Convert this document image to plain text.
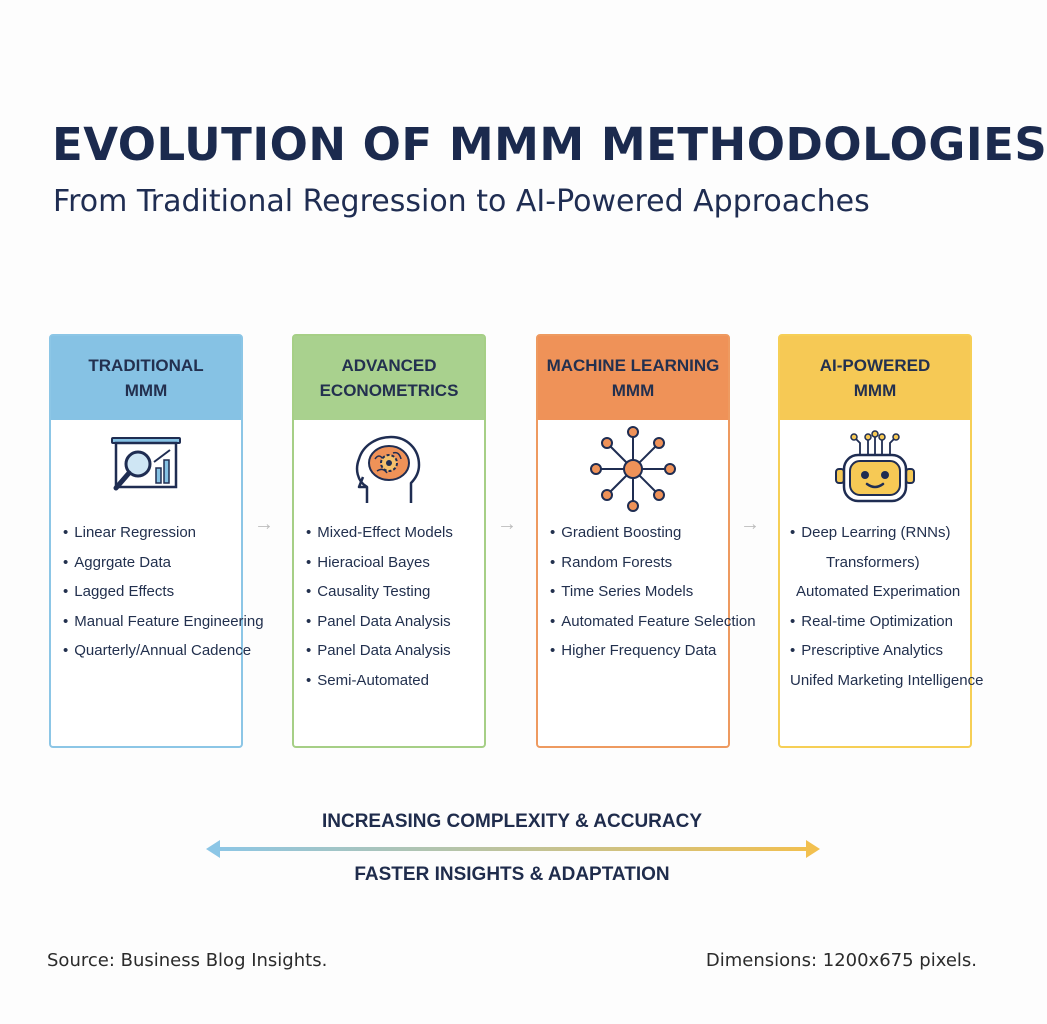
EVOLUTION OF MMM METHODOLOGIES

From Traditional Regression to AI-Powered Approaches

TRADITIONAL
MMM
• Linear Regression
• Aggrgate Data
• Lagged Effects
• Manual Feature Engineering
• Quarterly/Annual Cadence
→
ADVANCED
ECONOMETRICS
• Mixed-Effect Models
• Hieracioal Bayes
• Causality Testing
• Panel Data Analysis
• Panel Data Analysis
• Semi-Automated
→
MACHINE LEARNING
MMM
• Gradient Boosting
• Random Forests
• Time Series Models
• Automated Feature Selection
• Higher Frequency Data
→
AI-POWERED
MMM
• Deep Learring (RNNs)
Transformers)
Automated Experimation
• Real-time Optimization
• Prescriptive Analytics
Unifed Marketing Intelligence

INCREASING COMPLEXITY & ACCURACY

FASTER INSIGHTS & ADAPTATION

Source: Business Blog Insights.	Dimensions: 1200x675 pixels.
